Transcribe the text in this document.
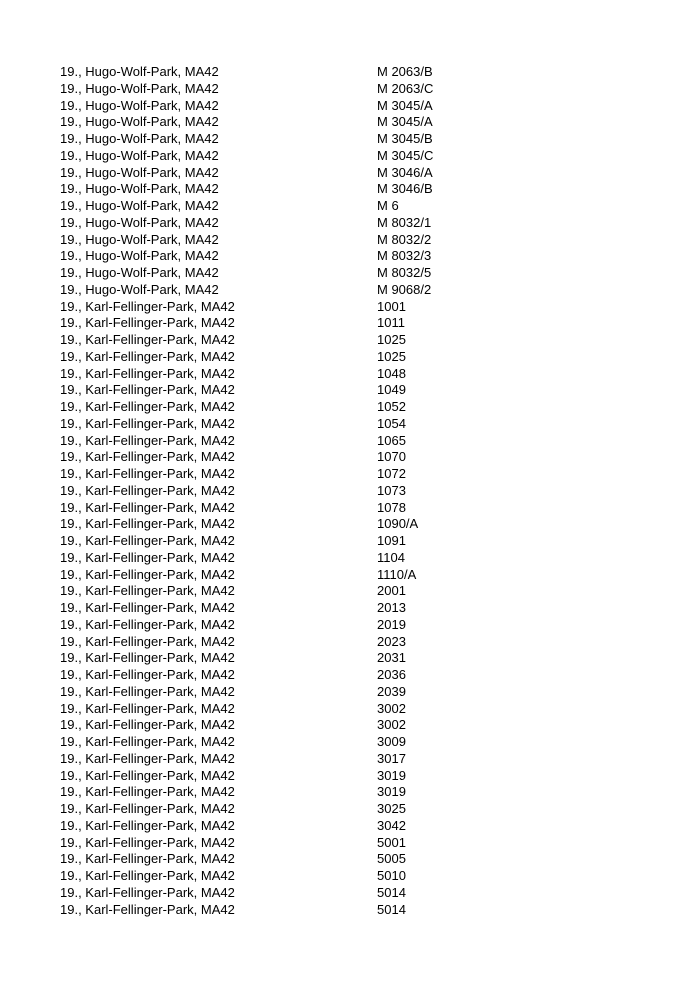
19., Hugo-Wolf-Park, MA42	M 2063/B
19., Hugo-Wolf-Park, MA42	M 2063/C
19., Hugo-Wolf-Park, MA42	M 3045/A
19., Hugo-Wolf-Park, MA42	M 3045/A
19., Hugo-Wolf-Park, MA42	M 3045/B
19., Hugo-Wolf-Park, MA42	M 3045/C
19., Hugo-Wolf-Park, MA42	M 3046/A
19., Hugo-Wolf-Park, MA42	M 3046/B
19., Hugo-Wolf-Park, MA42	M 6
19., Hugo-Wolf-Park, MA42	M 8032/1
19., Hugo-Wolf-Park, MA42	M 8032/2
19., Hugo-Wolf-Park, MA42	M 8032/3
19., Hugo-Wolf-Park, MA42	M 8032/5
19., Hugo-Wolf-Park, MA42	M 9068/2
19., Karl-Fellinger-Park, MA42	1001
19., Karl-Fellinger-Park, MA42	1011
19., Karl-Fellinger-Park, MA42	1025
19., Karl-Fellinger-Park, MA42	1025
19., Karl-Fellinger-Park, MA42	1048
19., Karl-Fellinger-Park, MA42	1049
19., Karl-Fellinger-Park, MA42	1052
19., Karl-Fellinger-Park, MA42	1054
19., Karl-Fellinger-Park, MA42	1065
19., Karl-Fellinger-Park, MA42	1070
19., Karl-Fellinger-Park, MA42	1072
19., Karl-Fellinger-Park, MA42	1073
19., Karl-Fellinger-Park, MA42	1078
19., Karl-Fellinger-Park, MA42	1090/A
19., Karl-Fellinger-Park, MA42	1091
19., Karl-Fellinger-Park, MA42	1104
19., Karl-Fellinger-Park, MA42	1110/A
19., Karl-Fellinger-Park, MA42	2001
19., Karl-Fellinger-Park, MA42	2013
19., Karl-Fellinger-Park, MA42	2019
19., Karl-Fellinger-Park, MA42	2023
19., Karl-Fellinger-Park, MA42	2031
19., Karl-Fellinger-Park, MA42	2036
19., Karl-Fellinger-Park, MA42	2039
19., Karl-Fellinger-Park, MA42	3002
19., Karl-Fellinger-Park, MA42	3002
19., Karl-Fellinger-Park, MA42	3009
19., Karl-Fellinger-Park, MA42	3017
19., Karl-Fellinger-Park, MA42	3019
19., Karl-Fellinger-Park, MA42	3019
19., Karl-Fellinger-Park, MA42	3025
19., Karl-Fellinger-Park, MA42	3042
19., Karl-Fellinger-Park, MA42	5001
19., Karl-Fellinger-Park, MA42	5005
19., Karl-Fellinger-Park, MA42	5010
19., Karl-Fellinger-Park, MA42	5014
19., Karl-Fellinger-Park, MA42	5014
